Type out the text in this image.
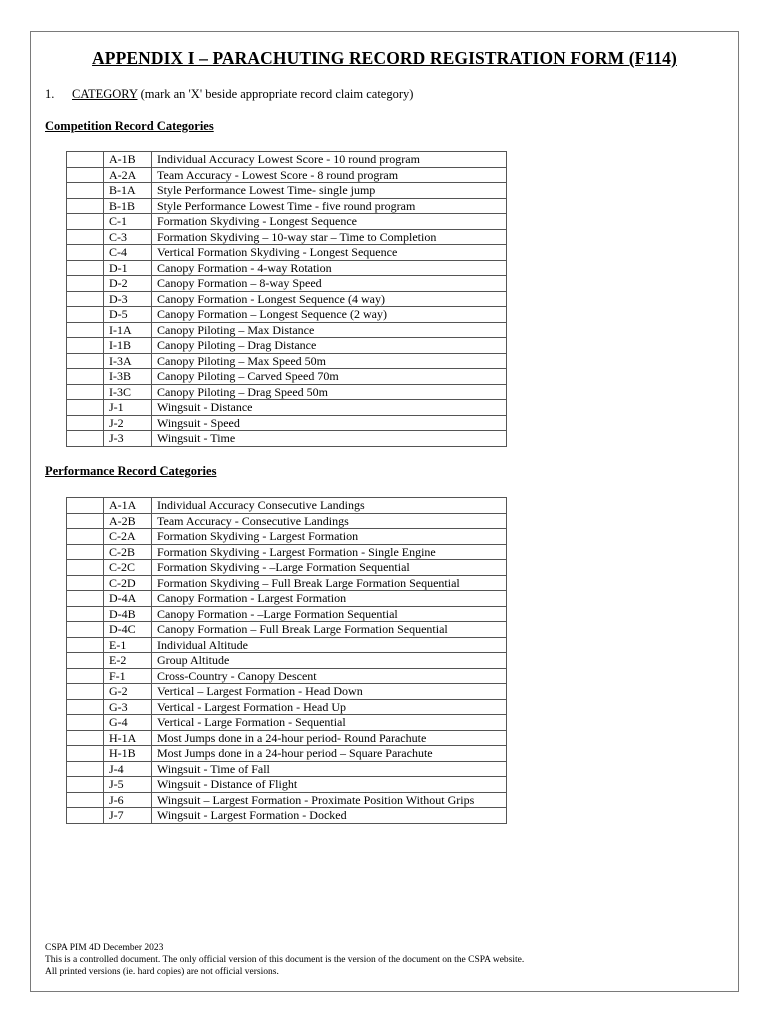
APPENDIX I – PARACHUTING RECORD REGISTRATION FORM (F114)
1. CATEGORY (mark an 'X' beside appropriate record claim category)
Competition Record Categories
	A-1B	Individual Accuracy Lowest Score - 10 round program
	A-2A	Team Accuracy - Lowest Score - 8 round program
	B-1A	Style Performance Lowest Time- single jump
	B-1B	Style Performance Lowest Time - five round program
	C-1	Formation Skydiving - Longest Sequence
	C-3	Formation Skydiving – 10-way star – Time to Completion
	C-4	Vertical Formation Skydiving - Longest Sequence
	D-1	Canopy Formation - 4-way Rotation
	D-2	Canopy Formation – 8-way Speed
	D-3	Canopy Formation - Longest Sequence (4 way)
	D-5	Canopy Formation – Longest Sequence (2 way)
	I-1A	Canopy Piloting – Max Distance
	I-1B	Canopy Piloting – Drag Distance
	I-3A	Canopy Piloting – Max Speed 50m
	I-3B	Canopy Piloting – Carved Speed 70m
	I-3C	Canopy Piloting – Drag Speed 50m
	J-1	Wingsuit - Distance
	J-2	Wingsuit - Speed
	J-3	Wingsuit - Time
Performance Record Categories
	A-1A	Individual Accuracy Consecutive Landings
	A-2B	Team Accuracy - Consecutive Landings
	C-2A	Formation Skydiving - Largest Formation
	C-2B	Formation Skydiving - Largest Formation - Single Engine
	C-2C	Formation Skydiving - –Large Formation Sequential
	C-2D	Formation Skydiving – Full Break Large Formation Sequential
	D-4A	Canopy Formation - Largest Formation
	D-4B	Canopy Formation - –Large Formation Sequential
	D-4C	Canopy Formation – Full Break Large Formation Sequential
	E-1	Individual Altitude
	E-2	Group Altitude
	F-1	Cross-Country - Canopy Descent
	G-2	Vertical – Largest Formation - Head Down
	G-3	Vertical - Largest Formation - Head Up
	G-4	Vertical - Large Formation - Sequential
	H-1A	Most Jumps done in a 24-hour period- Round Parachute
	H-1B	Most Jumps done in a 24-hour period – Square Parachute
	J-4	Wingsuit - Time of Fall
	J-5	Wingsuit - Distance of Flight
	J-6	Wingsuit – Largest Formation - Proximate Position Without Grips
	J-7	Wingsuit - Largest Formation - Docked
CSPA PIM 4D December 2023
This is a controlled document. The only official version of this document is the version of the document on the CSPA website.
All printed versions (ie. hard copies) are not official versions.
